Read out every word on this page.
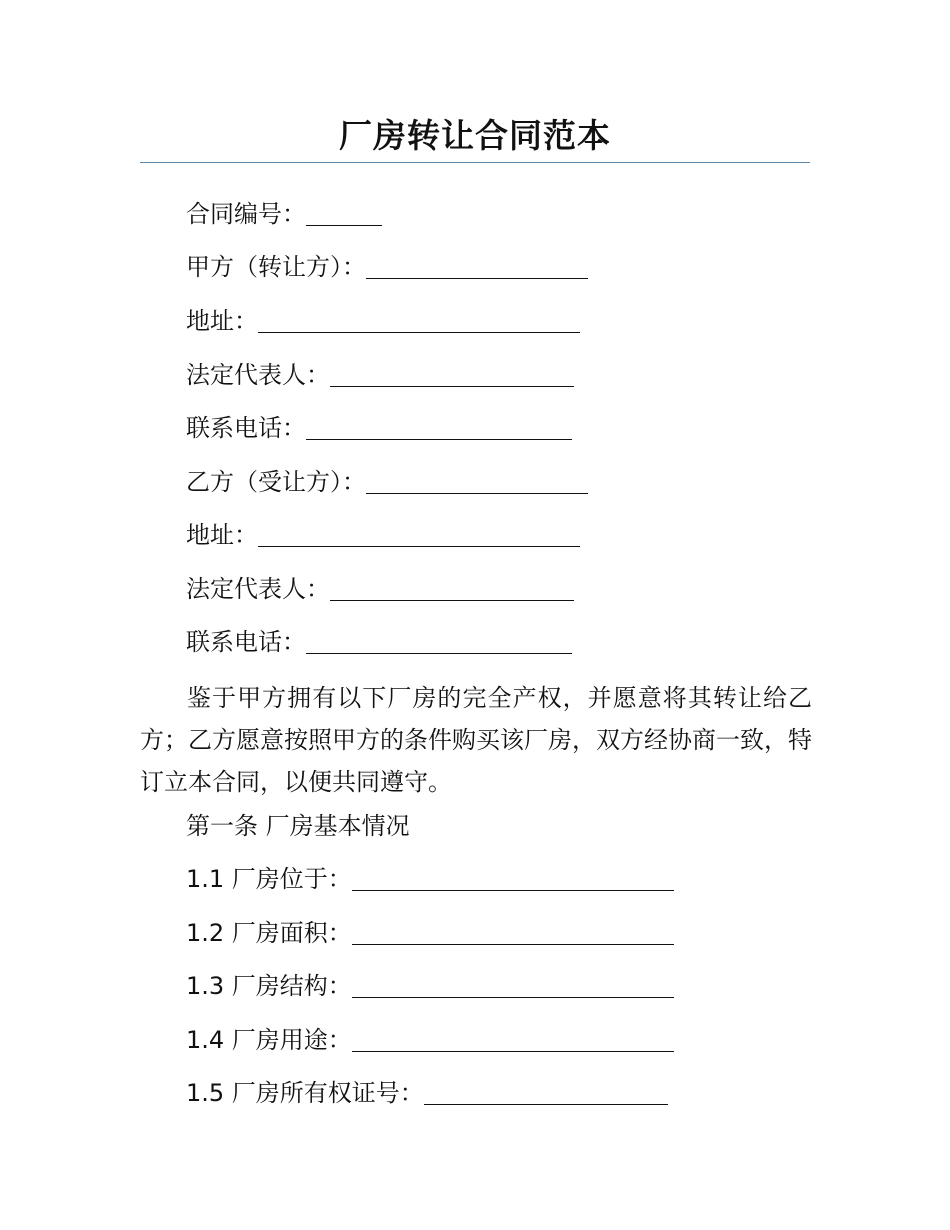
厂房转让合同范本
合同编号：
甲方（转让方）：
地址：
法定代表人：
联系电话：
乙方（受让方）：
地址：
法定代表人：
联系电话：
鉴于甲方拥有以下厂房的完全产权，并愿意将其转让给乙方；乙方愿意按照甲方的条件购买该厂房，双方经协商一致，特订立本合同，以便共同遵守。
第一条 厂房基本情况
1.1 厂房位于：
1.2 厂房面积：
1.3 厂房结构：
1.4 厂房用途：
1.5 厂房所有权证号：
